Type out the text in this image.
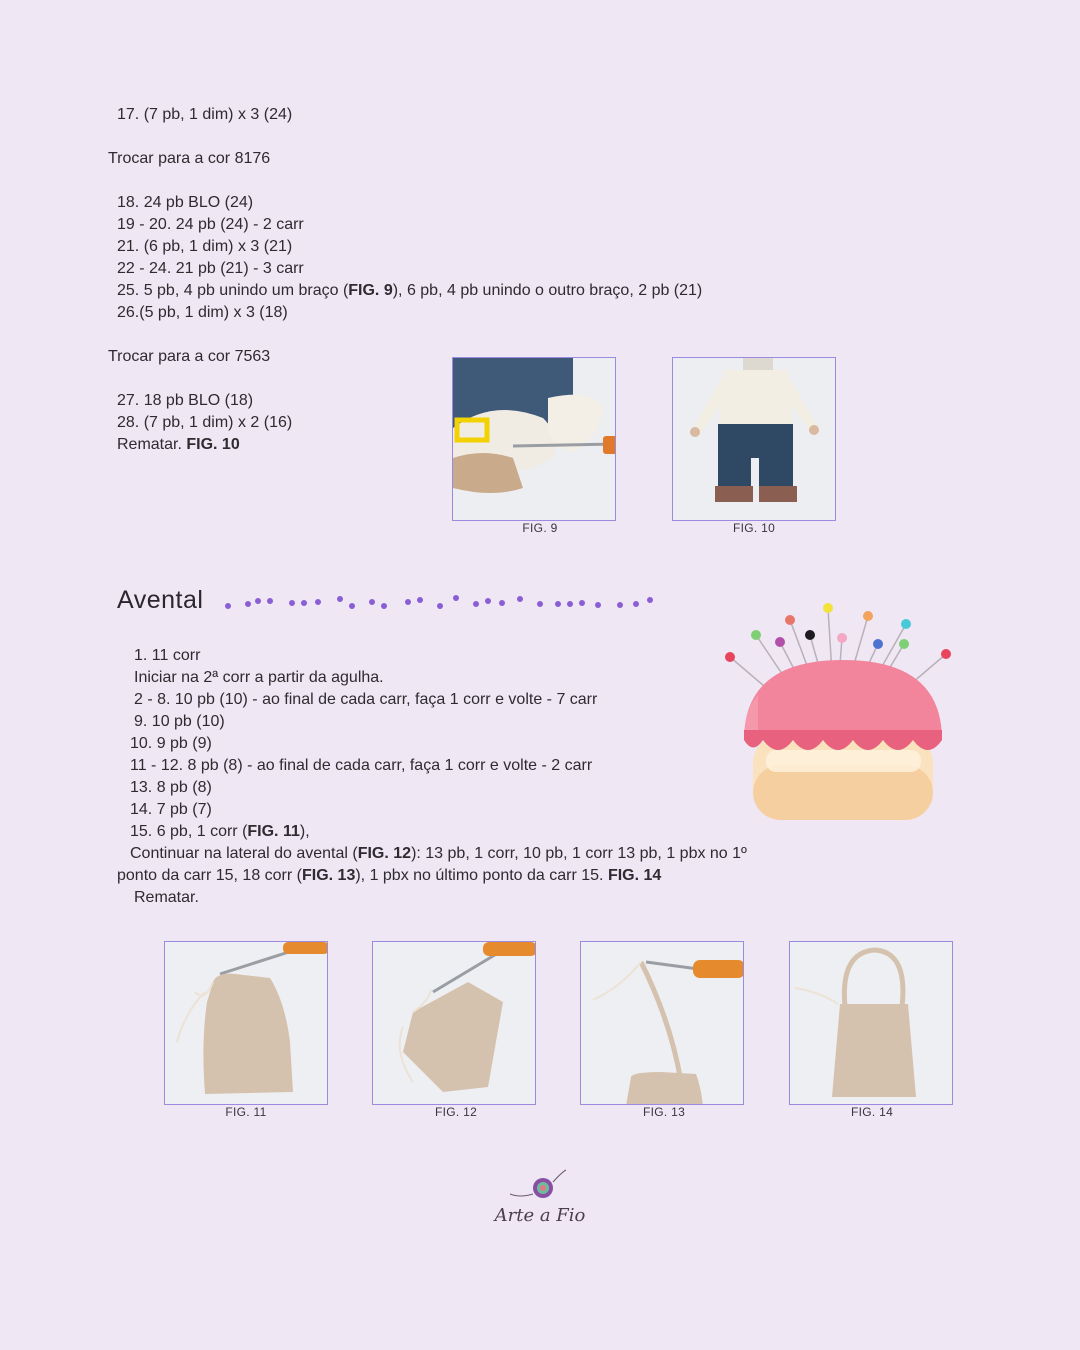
17. (7 pb, 1 dim) x 3 (24)
Trocar para a cor 8176
18. 24 pb BLO (24)
19 - 20. 24 pb (24) - 2 carr
21. (6 pb, 1 dim) x 3 (21)
22 - 24. 21 pb (21) - 3 carr
25. 5 pb, 4 pb unindo um braço (FIG. 9), 6 pb, 4 pb unindo o outro braço, 2 pb (21)
26.(5 pb, 1 dim) x 3 (18)
Trocar para a cor 7563
27. 18 pb BLO (18)
28. (7 pb, 1 dim) x 2 (16)
Rematar. FIG. 10
FIG. 9	FIG. 10
Avental
1. 11 corr
Iniciar na 2ª corr a partir da agulha.
2 - 8. 10 pb (10) - ao final de cada carr, faça 1 corr e volte - 7 carr
9. 10 pb (10)
10. 9 pb (9)
11 - 12. 8 pb (8) - ao final de cada carr, faça 1 corr e volte - 2 carr
13. 8 pb (8)
14. 7 pb (7)
15. 6 pb, 1 corr (FIG. 11),
Continuar na lateral do avental (FIG. 12): 13 pb, 1 corr, 10 pb, 1 corr 13 pb, 1 pbx no 1º
ponto da carr 15, 18 corr (FIG. 13), 1 pbx no último ponto da carr 15. FIG. 14
Rematar.
FIG. 11	FIG. 12	FIG. 13	FIG. 14
Arte a Fio
